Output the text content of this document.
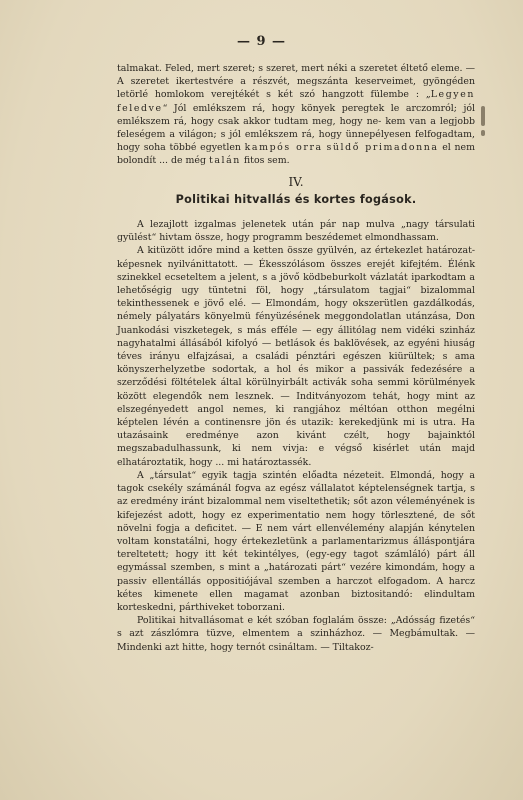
— 9 —

talmakat. Feled, mert szeret; s szeret, mert néki a szeretet éltető eleme. — A szeretet ikertestvére a részvét, megszánta keserveimet, gyöngéden letörlé homlokom verejtékét s két szó hangzott fülembe : „Legyen feledve“ Jól emlékszem rá, hogy könyek peregtek le arczomról; jól emlékszem rá, hogy csak akkor tudtam meg, hogy ne- kem van a legjobb feleségem a világon; s jól emlékszem rá, hogy ünnepélyesen felfogadtam, hogy soha többé egyetlen kampós orra süldő primadonna el nem bolondít ... de még talán fitos sem.

IV.
Politikai hitvallás és kortes fogások.

A lezajlott izgalmas jelenetek után pár nap mulva „nagy társulati gyülést“ hivtam össze, hogy programm beszédemet elmondhassam.

A kitüzött időre mind a ketten össze gyülvén, az értekezlet határozat-képesnek nyilvánittatott. — Ékesszólásom összes erejét kifejtém. Élénk szinekkel ecseteltem a jelent, s a jövő ködbeburkolt vázlatát iparkodtam a lehetőségig ugy tüntetni föl, hogy „társulatom tagjai“ bizalommal tekinthessenek e jövő elé. — Elmondám, hogy okszerütlen gazdálkodás, némely pályatárs könyelmü fényüzésének meggondolatlan utánzása, Don Juankodási viszketegek, s más efféle — egy állitólag nem vidéki szinház nagyhatalmi állásából kifolyó — betlások és baklövések, az egyéni hiuság téves irányu elfajzásai, a családi pénztári egészen kiürültek; s ama könyszerhelyzetbe sodortak, a hol és mikor a passivák fedezésére a szerződési föltételek által körülnyirbált activák soha semmi körülmények között elegendők nem lesznek. — Inditványozom tehát, hogy mint az elszegényedett angol nemes, ki rangjához méltóan otthon megélni képtelen lévén a continensre jön és utazik: kerekedjünk mi is utra. Ha utazásaink eredménye azon kivánt czélt, hogy bajainktól megszabadulhassunk, ki nem vivja: e végső kisérlet után majd elhatároztatik, hogy ... mi határoztassék.

A „társulat“ egyik tagja szintén előadta nézeteit. Elmondá, hogy a tagok csekély számánál fogva az egész vállalatot képtelenségnek tartja, s az eredmény iránt bizalommal nem viseltethetik; sőt azon véleményének is kifejezést adott, hogy ez experimentatio nem hogy törlesztené, de sőt növelni fogja a deficitet. — E nem várt ellenvélemény alapján kénytelen voltam konstatálni, hogy értekezletünk a parlamentarizmus álláspontjára tereltetett; hogy itt két tekintélyes, (egy-egy tagot számláló) párt áll egymással szemben, s mint a „határozati párt“ vezére kimondám, hogy a passiv ellentállás oppositiójával szemben a harczot elfogadom. A harcz kétes kimenete ellen magamat azonban biztositandó: elindultam korteskedni, párthiveket toborzani.

Politikai hitvallásomat e két szóban foglalám össze: „Adósság fizetés“ s azt zászlómra tüzve, elmentem a szinházhoz. — Megbámultak. — Mindenki azt hitte, hogy ternót csináltam. — Tiltakoz-
